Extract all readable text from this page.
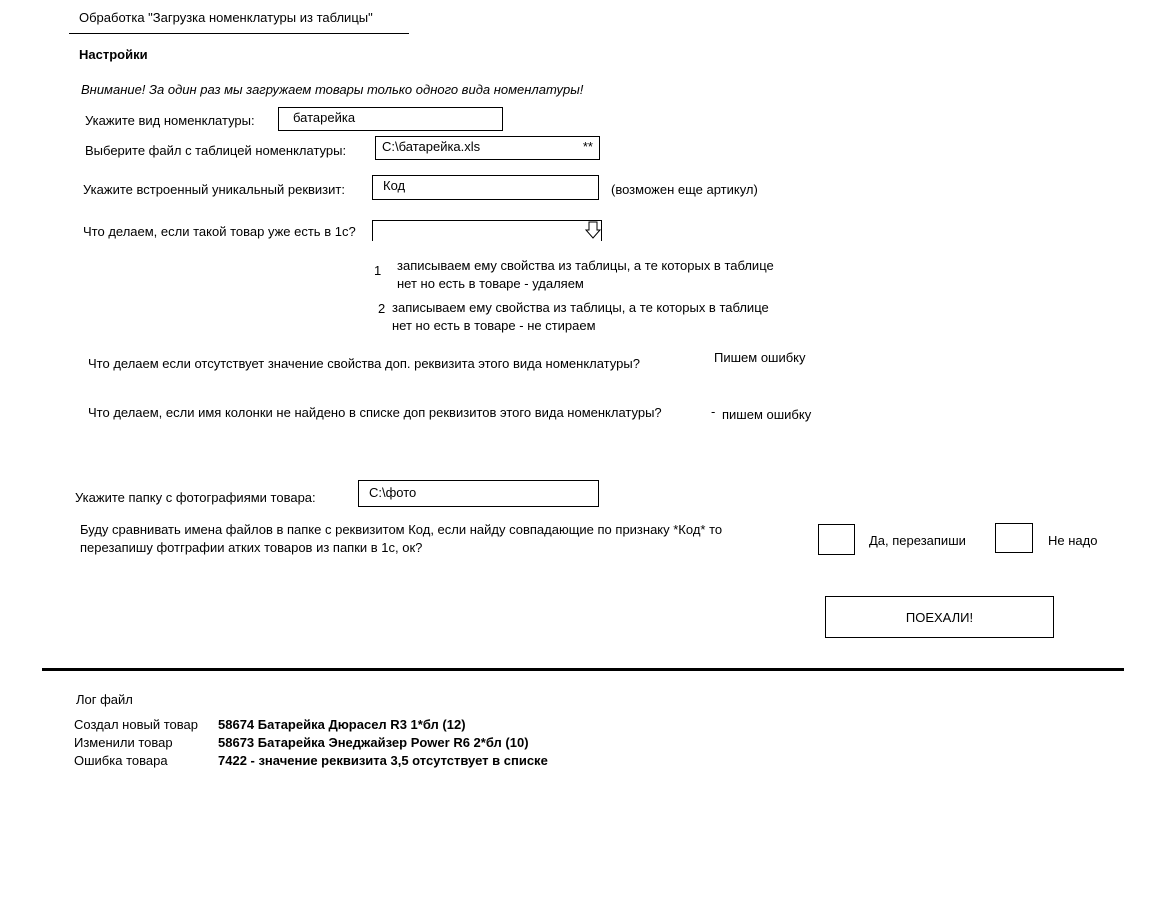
Обработка "Загрузка номенклатуры из таблицы"
Настройки
Внимание! За один раз мы загружаем товары только одного вида номенлатуры!
Укажите вид номенклатуры:	батарейка
Выберите файл с таблицей номенклатуры:	C:\батарейка.xls	**
Укажите встроенный уникальный реквизит:	Код	(возможен еще артикул)
Что делаем, если такой товар уже есть в 1с?
1 записываем ему свойства из таблицы, а те которых в таблице
нет но есть в товаре - удаляем
2 записываем ему свойства из таблицы, а те которых в таблице
нет но есть в товаре - не стираем
Что делаем если отсутствует значение свойства доп. реквизита этого вида номенклатуры?	Пишем ошибку
Что делаем, если имя колонки не найдено в списке доп реквизитов этого вида номенклатуры?	- пишем ошибку
Укажите папку с фотографиями товара:	C:\фото
Буду сравнивать имена файлов в папке с реквизитом Код, если найду совпадающие по признаку *Код* то
перезапишу фотграфии атких товаров из папки в 1с, ок?	Да, перезапиши	Не надо
ПОЕХАЛИ!
Лог файл
Создал новый товар 58674 Батарейка Дюрасел R3 1*бл (12)
Изменили товар	58673 Батарейка Энеджайзер Power R6 2*бл (10)
Ошибка товара	7422 - значение реквизита 3,5 отсутствует в списке
